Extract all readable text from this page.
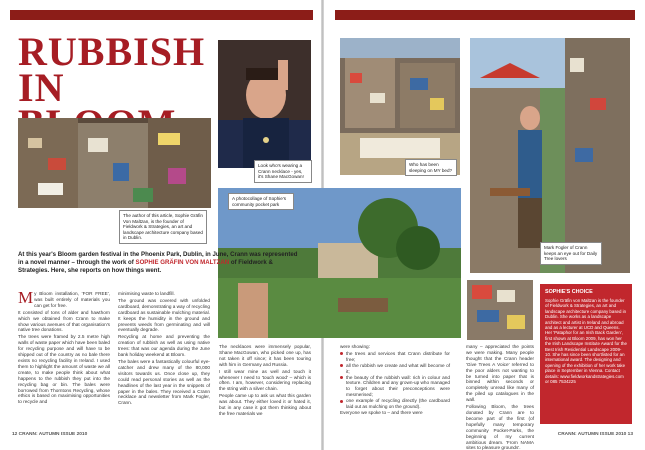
GARDENS
RUBBISH
IN
The author of this article, Sophie Gräfin Von Maltzan, is the founder of Fieldwork & Strategies, an art and landscape architecture company based in Dublin.
Look who's wearing a Crann necklace - yes, it's Shane MacGowan!
A photocollage of Sophie's community pocket park
Who has been sleeping on MY bed?
Mark Fogler of Crann keeps an eye out for Daily Tree lovers

At this year's Bloom garden festival in the Phoenix Park, Dublin, in June, Crann was represented in a novel manner – through the work of SOPHIE GRÄFIN VON MALTZAN of Fieldwork & Strategies. Here, she reports on how things went.

My Bloom installation, 'FOR FREE', was built entirely of materials you can get for free.

It consisted of tons of alder and hawthorn which we obtained from Crann to make show various avenues of that organisation's native tree donations.

The trees were framed by 2.5 metre high walls of waste paper which have been baled for recycling purpose and will have to be shipped out of the country as no bale there exists no recycling facility in Ireland. I used them to highlight the amount of waste we all create, to make people think about what happens to the rubbish they put into the recycling bag or bin. The bales were borrowed from Thorntons Recycling, whose ethics is based on maximising opportunities to recycle and

minimising waste to landfill.

The ground was covered with unfolded cardboard, demonstrating a way of recycling cardboard as sustainable mulching material. It keeps the humidity in the ground and prevents weeds from germinating and will eventually degrade.

Recycling at home and preventing the creation of rubbish as well as using native trees: that was our agenda during the June bank holiday weekend at Bloom.

The bales were a fantastically colourful eye-catcher and drew many of the 80,000 visitors towards us. Once close up, they could read personal stories as well as the headlines of the last year in the snippets of paper in the bales. They received a Crann necklace and newsletter from Mark Fogler, Crann.

The necklaces were immensely popular, Shane MacGowan, who picked one up, has not taken it off since; it has been touring with him in Germany and Russia.

I still wear mine as well and touch it whenever I need to 'touch wood' – which is often. I am, however, considering replacing the string with a silver chain.

People came up to ask us what this garden was about. They either loved it or hated it, but in any case it got them thinking about the free materials we

were showing:

the trees and services that Crann distribute for free;
all the rubbish we create and what will become of it;
the beauty of the rubbish wall: rich in colour and texture. Children and any grown-up who managed to forget about their preconceptions were mesmerised;
one example of recycling directly (the cardboard laid out as mulching on the ground).

Everyone we spoke to – and there were

many – appreciated the points we were making. Many people thought that the Crann header 'Give Trees A Voice' referred to the poor alders not wanting to be turned into paper that is binned within seconds or completely unread like many of the piled up catalogues in the wall.

Following Bloom, the trees donated by Crann are to become part of the first (of hopefully many temporary community Pocket-Parks, the beginning of my current ambitious dream. 'From NAMA sites to pleasure grounds'.

SOPHIE'S CHOICE
Sophie Gräfin von Maltzan is the founder of Fieldwork & Strategies, an art and landscape architecture company based in Dublin. She works as a landscape architect and artist in Ireland and abroad and as a lecturer at UCD and Queens. Her 'Pataphor for an Irish Back Garden', first shown at Bloom 2009, has won her the Irish Landscape Institute Award for the Best Irish Residential Landscape 2009-10. She has since been shortlisted for an international award. The designing and opening of the exhibition of her work take place in September in Vienna. Contact details: www.fieldworkandstrategies.com or 085 7534225
12 CRANN: AUTUMN ISSUE 2010	CRANN: AUTUMN ISSUE 2010 13
